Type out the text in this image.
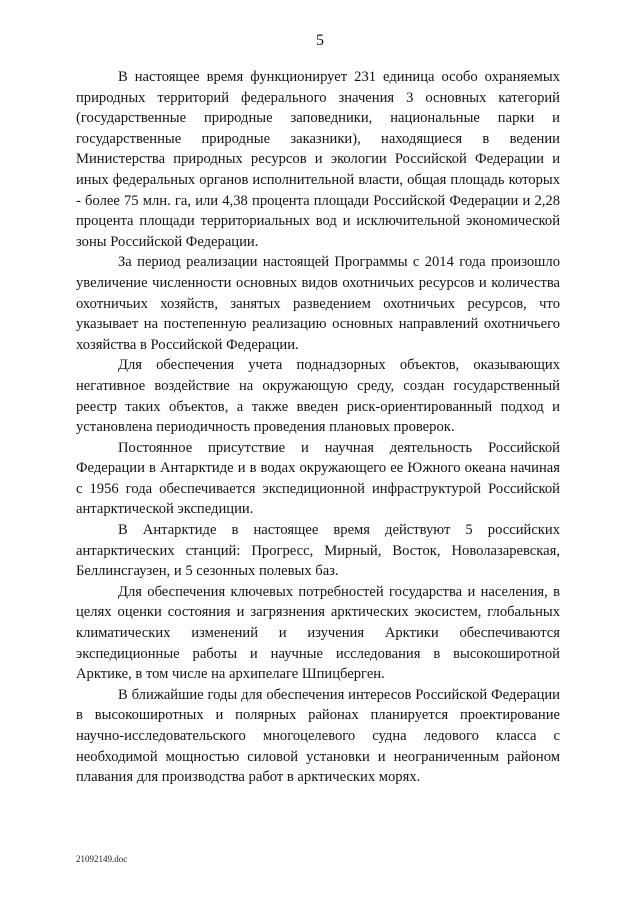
5

В настоящее время функционирует 231 единица особо охраняемых природных территорий федерального значения 3 основных категорий (государственные природные заповедники, национальные парки и государственные природные заказники), находящиеся в ведении Министерства природных ресурсов и экологии Российской Федерации и иных федеральных органов исполнительной власти, общая площадь которых - более 75 млн. га, или 4,38 процента площади Российской Федерации и 2,28 процента площади территориальных вод и исключительной экономической зоны Российской Федерации.

За период реализации настоящей Программы с 2014 года произошло увеличение численности основных видов охотничьих ресурсов и количества охотничьих хозяйств, занятых разведением охотничьих ресурсов, что указывает на постепенную реализацию основных направлений охотничьего хозяйства в Российской Федерации.

Для обеспечения учета поднадзорных объектов, оказывающих негативное воздействие на окружающую среду, создан государственный реестр таких объектов, а также введен риск-ориентированный подход и установлена периодичность проведения плановых проверок.

Постоянное присутствие и научная деятельность Российской Федерации в Антарктиде и в водах окружающего ее Южного океана начиная с 1956 года обеспечивается экспедиционной инфраструктурой Российской антарктической экспедиции.

В Антарктиде в настоящее время действуют 5 российских антарктических станций: Прогресс, Мирный, Восток, Новолазаревская, Беллинсгаузен, и 5 сезонных полевых баз.

Для обеспечения ключевых потребностей государства и населения, в целях оценки состояния и загрязнения арктических экосистем, глобальных климатических изменений и изучения Арктики обеспечиваются экспедиционные работы и научные исследования в высокоширотной Арктике, в том числе на архипелаге Шпицберген.

В ближайшие годы для обеспечения интересов Российской Федерации в высокоширотных и полярных районах планируется проектирование научно-исследовательского многоцелевого судна ледового класса с необходимой мощностью силовой установки и неограниченным районом плавания для производства работ в арктических морях.

21092149.doc
